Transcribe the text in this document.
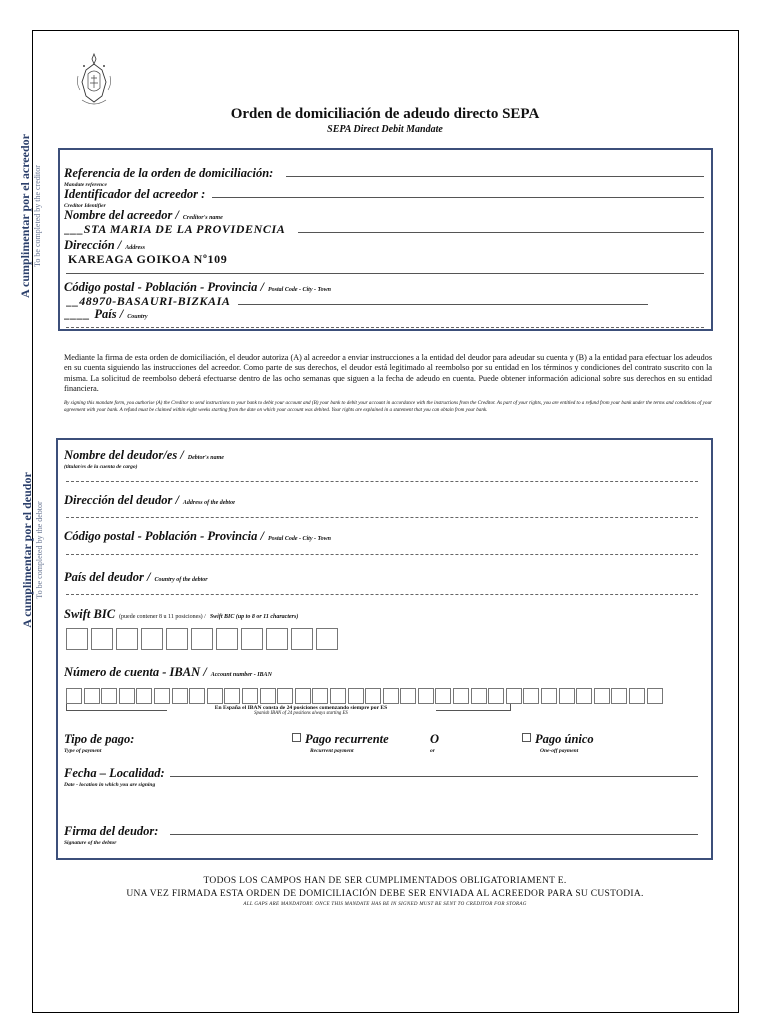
Orden de domiciliación de adeudo directo SEPA
SEPA Direct Debit Mandate
A cumplimentar por el acreedor To be completed by the creditor Referencia de la orden de domiciliación:
Mandate reference
Identificador del acreedor :
Creditor Identifier
Nombre del acreedor / Creditor's name
___STA MARIA DE LA PROVIDENCIA
Dirección / Address
KAREAGA GOIKOA Nº109
Código postal - Población - Provincia / Postal Code - City - Town
__48970-BASAURI-BIZKAIA
____ País / Country
Mediante la firma de esta orden de domiciliación, el deudor autoriza (A) al acreedor a enviar instrucciones a la entidad del deudor para adeudar su cuenta y (B) a la entidad para efectuar los adeudos en su cuenta siguiendo las instrucciones del acreedor. Como parte de sus derechos, el deudor está legitimado al reembolso por su entidad en los términos y condiciones del contrato suscrito con la misma. La solicitud de reembolso deberá efectuarse dentro de las ocho semanas que siguen a la fecha de adeudo en cuenta. Puede obtener información adicional sobre sus derechos en su entidad financiera.
By signing this mandate form, you authorise (A) the Creditor to send instructions to your bank to debit your account and (B) your bank to debit your account in accordance with the instructions from the Creditor. As part of your rights, you are entitled to a refund from your bank under the terms and conditions of your agreement with your bank. A refund must be claimed within eight weeks starting from the date on which your account was debited. Your rights are explained in a statement that you can obtain from your bank.
A cumplimentar por el deudor To be completed by the debtor
Nombre del deudor/es / Debtor's name
(titular/es de la cuenta de cargo)
Dirección del deudor / Address of the debtor
Código postal - Población - Provincia / Postal Code - City - Town
País del deudor / Country of the debtor
Swift BIC (puede contener 8 u 11 posiciones) / Swift BIC (up to 8 or 11 characters)
Número de cuenta - IBAN / Account number - IBAN
En España el IBAN consta de 24 posiciones comenzando siempre por ES
Spanish IBAN of 24 positions always starting ES
Tipo de pago:
Type of payment
Pago recurrente
Recurrent payment
O
or
Pago único
One-off payment
Fecha – Localidad:
Date - location in which you are signing
Firma del deudor:
Signature of the debtor
TODOS LOS CAMPOS HAN DE SER CUMPLIMENTADOS OBLIGATORIAMENT E.
UNA VEZ FIRMADA ESTA ORDEN DE DOMICILIACIÓN DEBE SER ENVIADA AL ACREEDOR PARA SU CUSTODIA.
ALL GAPS ARE MANDATORY. ONCE THIS MANDATE HAS BE IN SIGNED MUST BE SENT TO CREDITOR FOR STORAG
